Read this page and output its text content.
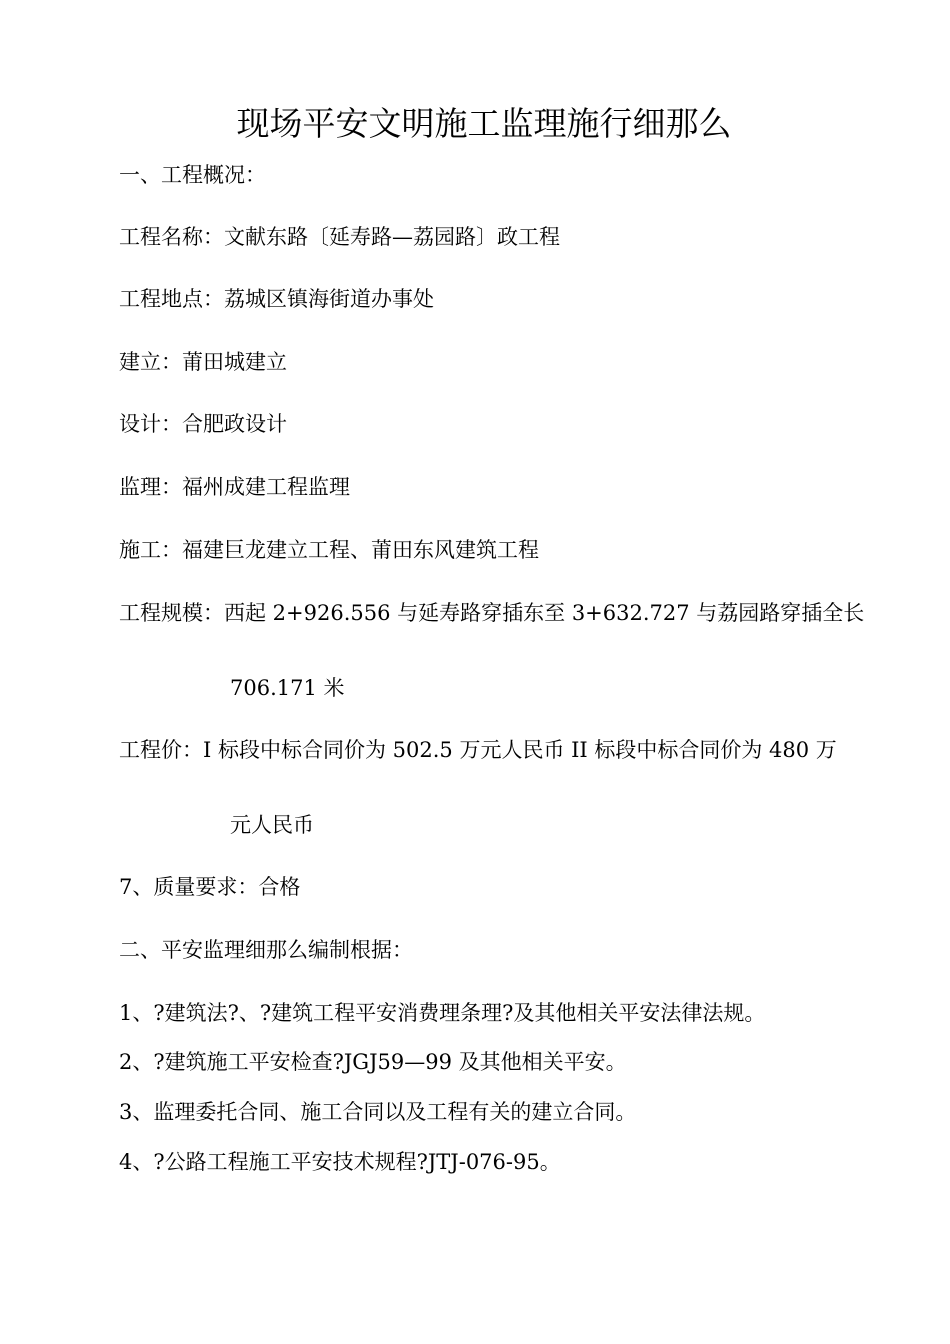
现场平安文明施工监理施行细那么
一、工程概况：
工程名称：文献东路〔延寿路—荔园路〕政工程
工程地点：荔城区镇海街道办事处
建立：莆田城建立
设计：合肥政设计
监理：福州成建工程监理
施工：福建巨龙建立工程、莆田东风建筑工程
工程规模：西起 2+926.556 与延寿路穿插东至 3+632.727 与荔园路穿插全长
706.171 米
工程价：I 标段中标合同价为 502.5 万元人民币 II 标段中标合同价为 480 万
元人民币
7、质量要求：合格
二、平安监理细那么编制根据：
1、?建筑法?、?建筑工程平安消费理条理?及其他相关平安法律法规。
2、?建筑施工平安检查?JGJ59—99 及其他相关平安。
3、监理委托合同、施工合同以及工程有关的建立合同。
4、?公路工程施工平安技术规程?JTJ-076-95。
